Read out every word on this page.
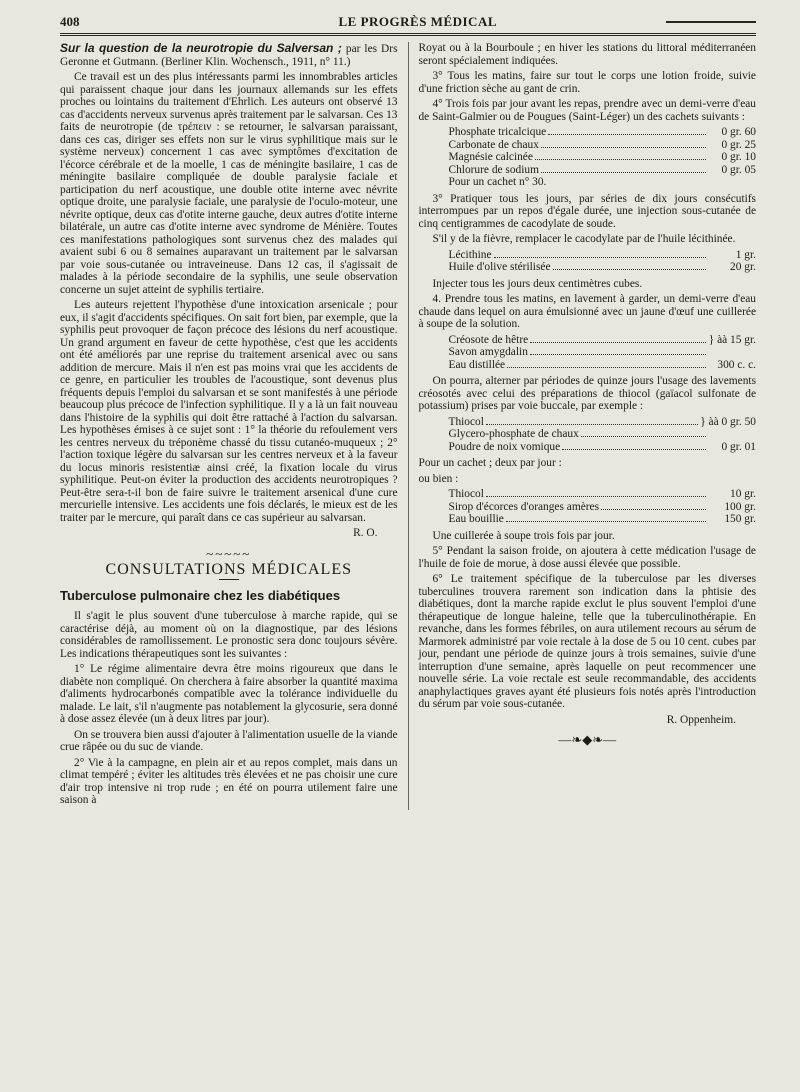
408	LE PROGRÈS MÉDICAL

Sur la question de la neurotropie du Salversan ; par les Drs Geronne et Gutmann. (Berliner Klin. Wochensch., 1911, n° 11.)

Ce travail est un des plus intéressants parmi les innombrables articles qui paraissent chaque jour dans les journaux allemands sur les effets proches ou lointains du traitement d'Ehrlich. Les auteurs ont observé 13 cas d'accidents nerveux survenus après traitement par le salvarsan. Ces 13 faits de neurotropie (de τρέπειν : se retourner, le salvarsan paraissant, dans ces cas, diriger ses effets non sur le virus syphilitique mais sur le système nerveux) concernent 1 cas avec symptômes d'excitation de l'écorce cérébrale et de la moelle, 1 cas de méningite basilaire, 1 cas de méningite basilaire compliquée de double paralysie faciale et participation du nerf acoustique, une double otite interne avec névrite optique droite, une paralysie faciale, une paralysie de l'oculo-moteur, une névrite optique, deux cas d'otite interne gauche, deux autres d'otite interne bilatérale, un autre cas d'otite interne avec syndrome de Ménière. Toutes ces manifestations pathologiques sont survenus chez des malades qui avaient subi 6 ou 8 semaines auparavant un traitement par le salvarsan par voie sous-cutanée ou intraveineuse. Dans 12 cas, il s'agissait de malades à la période secondaire de la syphilis, une seule observation concerne un sujet atteint de syphilis tertiaire.

Les auteurs rejettent l'hypothèse d'une intoxication arsenicale ; pour eux, il s'agit d'accidents spécifiques. On sait fort bien, par exemple, que la syphilis peut provoquer de façon précoce des lésions du nerf acoustique. Un grand argument en faveur de cette hypothèse, c'est que les accidents ont été améliorés par une reprise du traitement arsenical avec ou sans addition de mercure. Mais il n'en est pas moins vrai que les accidents de ce genre, en particulier les troubles de l'acoustique, sont devenus plus fréquents depuis l'emploi du salvarsan et se sont manifestés à une période beaucoup plus précoce de l'infection syphilitique. Il y a là un fait nouveau dans l'histoire de la syphilis qui doit être rattaché à l'action du salvarsan. Les hypothèses émises à ce sujet sont : 1° la théorie du refoulement vers les centres nerveux du tréponème chassé du tissu cutanéo-muqueux ; 2° l'action toxique légère du salvarsan sur les centres nerveux et à la faveur du locus minoris resistentiæ ainsi créé, la fixation locale du virus syphilitique. Peut-on éviter la production des accidents neurotropiques ? Peut-être sera-t-il bon de faire suivre le traitement arsenical d'une cure mercurielle intensive. Les accidents une fois déclarés, le mieux est de les traiter par le mercure, qui paraît dans ce cas supérieur au salvarsan.

R. O.
~~~~~
CONSULTATIONS MÉDICALES
Tuberculose pulmonaire chez les diabétiques

Il s'agit le plus souvent d'une tuberculose à marche rapide, qui se caractérise déjà, au moment où on la diagnostique, par des lésions considérables de ramollissement. Le pronostic sera donc toujours sévère. Les indications thérapeutiques sont les suivantes :

1° Le régime alimentaire devra être moins rigoureux que dans le diabète non compliqué. On cherchera à faire absorber la quantité maxima d'aliments hydrocarbonés compatible avec la tolérance individuelle du malade. Le lait, s'il n'augmente pas notablement la glycosurie, sera donné à dose assez élevée (un à deux litres par jour).

On se trouvera bien aussi d'ajouter à l'alimentation usuelle de la viande crue râpée ou du suc de viande.

2° Vie à la campagne, en plein air et au repos complet, mais dans un climat tempéré ; éviter les altitudes très élevées et ne pas choisir une cure d'air trop intensive ni trop rude ; en été on pourra utilement faire une saison à

Royat ou à la Bourboule ; en hiver les stations du littoral méditerranéen seront spécialement indiquées.

3° Tous les matins, faire sur tout le corps une lotion froide, suivie d'une friction sèche au gant de crin.

4° Trois fois par jour avant les repas, prendre avec un demi-verre d'eau de Saint-Galmier ou de Pougues (Saint-Léger) un des cachets suivants :

Phosphate tricalcique	0 gr. 60
Carbonate de chaux	0 gr. 25
Magnésie calcinée	0 gr. 10
Chlorure de sodium	0 gr. 05
Pour un cachet n° 30.

3° Pratiquer tous les jours, par séries de dix jours consécutifs interrompues par un repos d'égale durée, une injection sous-cutanée de cinq centigrammes de cacodylate de soude.

S'il y de la fièvre, remplacer le cacodylate par de l'huile lécithinée.

Lécithine	1 gr.
Huile d'olive stérilisée	20 gr.

Injecter tous les jours deux centimètres cubes.

4. Prendre tous les matins, en lavement à garder, un demi-verre d'eau chaude dans lequel on aura émulsionné avec un jaune d'œuf une cuillerée à soupe de la solution.

Créosote de hêtre	} àà 15 gr.
Savon amygdalin
Eau distillée	300 c. c.

On pourra, alterner par périodes de quinze jours l'usage des lavements créosotés avec celui des préparations de thiocol (gaïacol sulfonate de potassium) prises par voie buccale, par exemple :

Thiocol	} àà 0 gr. 50
Glycero-phosphate de chaux
Poudre de noix vomique	0 gr. 01

Pour un cachet ; deux par jour :

ou bien :

Thiocol	10 gr.
Sirop d'écorces d'oranges amères	100 gr.
Eau bouillie	150 gr.

Une cuillerée à soupe trois fois par jour.

5° Pendant la saison froide, on ajoutera à cette médication l'usage de l'huile de foie de morue, à dose aussi élevée que possible.

6° Le traitement spécifique de la tuberculose par les diverses tuberculines trouvera rarement son indication dans la phtisie des diabétiques, dont la marche rapide exclut le plus souvent l'emploi d'une thérapeutique de longue haleine, telle que la tuberculinothérapie. En revanche, dans les formes fébriles, on aura utilement recours au sérum de Marmorek administré par voie rectale à la dose de 5 ou 10 cent. cubes par jour, pendant une période de quinze jours à trois semaines, suivie d'une interruption d'une semaine, après laquelle on peut recommencer une nouvelle série. La voie rectale est seule recommandable, des accidents anaphylactiques graves ayant été plusieurs fois notés après l'introduction du sérum par voie sous-cutanée.

R. Oppenheim.
—❧◆❧—
